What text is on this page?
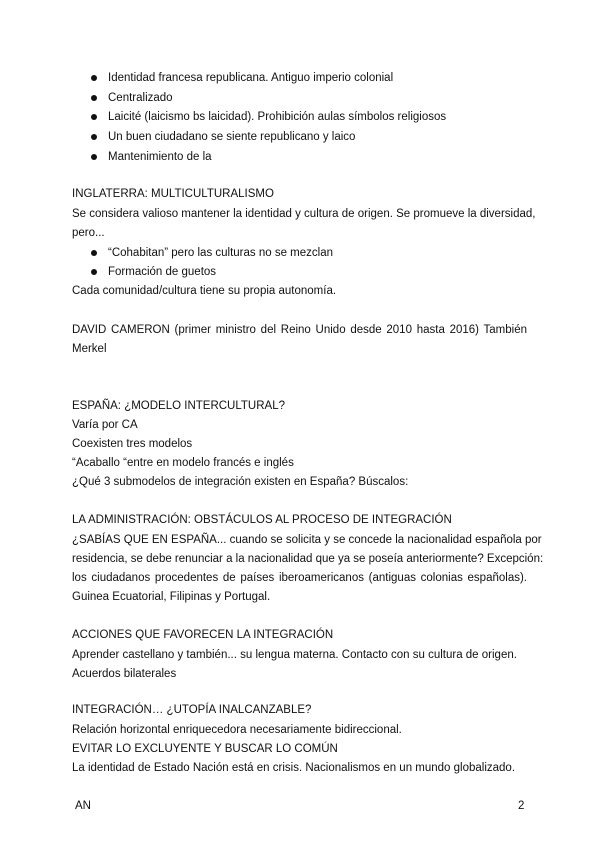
Identidad francesa republicana. Antiguo imperio colonial
Centralizado
Laicité (laicismo bs laicidad). Prohibición aulas símbolos religiosos
Un buen ciudadano se siente republicano y laico
Mantenimiento de la
INGLATERRA: MULTICULTURALISMO
Se considera valioso mantener la identidad y cultura de origen. Se promueve la diversidad,
pero...
“Cohabitan” pero las culturas no se mezclan
Formación de guetos
Cada comunidad/cultura tiene su propia autonomía.
DAVID CAMERON (primer ministro del Reino Unido desde 2010 hasta 2016) También
Merkel
ESPAÑA: ¿MODELO INTERCULTURAL?
Varía por CA
Coexisten tres modelos
“Acaballo “entre en modelo francés e inglés
¿Qué 3 submodelos de integración existen en España? Búscalos:
LA ADMINISTRACIÓN: OBSTÁCULOS AL PROCESO DE INTEGRACIÓN
¿SABÍAS QUE EN ESPAÑA... cuando se solicita y se concede la nacionalidad española por
residencia, se debe renunciar a la nacionalidad que ya se poseía anteriormente? Excepción:
los ciudadanos procedentes de países iberoamericanos (antiguas colonias españolas).
Guinea Ecuatorial, Filipinas y Portugal.
ACCIONES QUE FAVORECEN LA INTEGRACIÓN
Aprender castellano y también... su lengua materna. Contacto con su cultura de origen.
Acuerdos bilaterales
INTEGRACIÓN… ¿UTOPÍA INALCANZABLE?
Relación horizontal enriquecedora necesariamente bidireccional.
EVITAR LO EXCLUYENTE Y BUSCAR LO COMÚN
La identidad de Estado Nación está en crisis. Nacionalismos en un mundo globalizado.
AN	2
